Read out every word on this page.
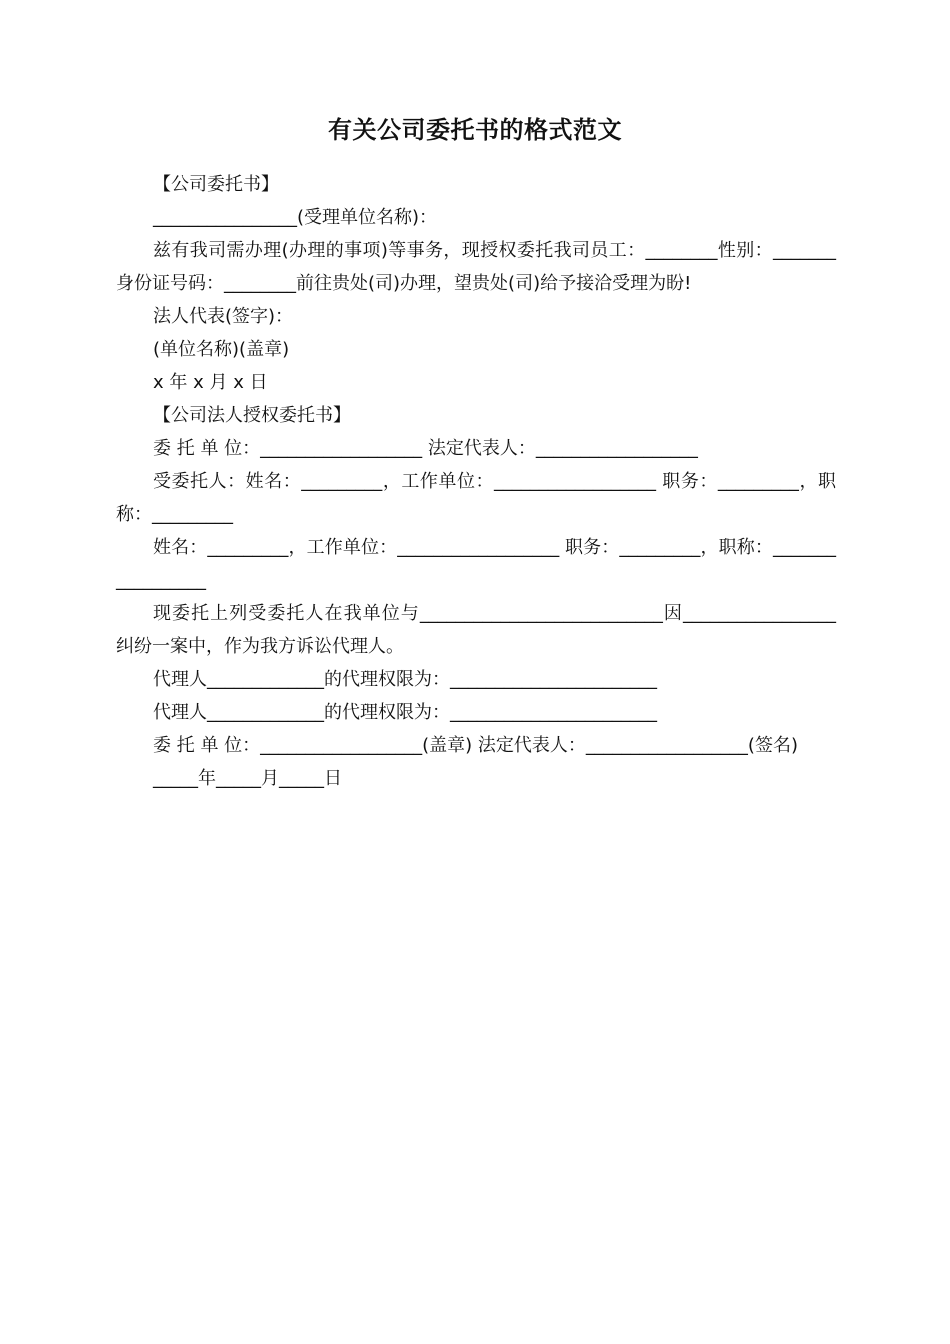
有关公司委托书的格式范文

【公司委托书】

________________(受理单位名称)：

兹有我司需办理(办理的事项)等事务，现授权委托我司员工：________性别：_______身份证号码：________前往贵处(司)办理，望贵处(司)给予接洽受理为盼!

法人代表(签字)：

(单位名称)(盖章)

x 年 x 月 x 日

【公司法人授权委托书】

委 托 单 位：__________________ 法定代表人：__________________

受委托人：姓名：_________，工作单位：__________________ 职务：_________，职称：_________

姓名：_________，工作单位：__________________ 职务：_________，职称：_________________

现委托上列受委托人在我单位与___________________________因_________________纠纷一案中，作为我方诉讼代理人。

代理人_____________的代理权限为：_______________________

代理人_____________的代理权限为：_______________________

委 托 单 位：__________________(盖章) 法定代表人：__________________(签名)

_____年_____月_____日
